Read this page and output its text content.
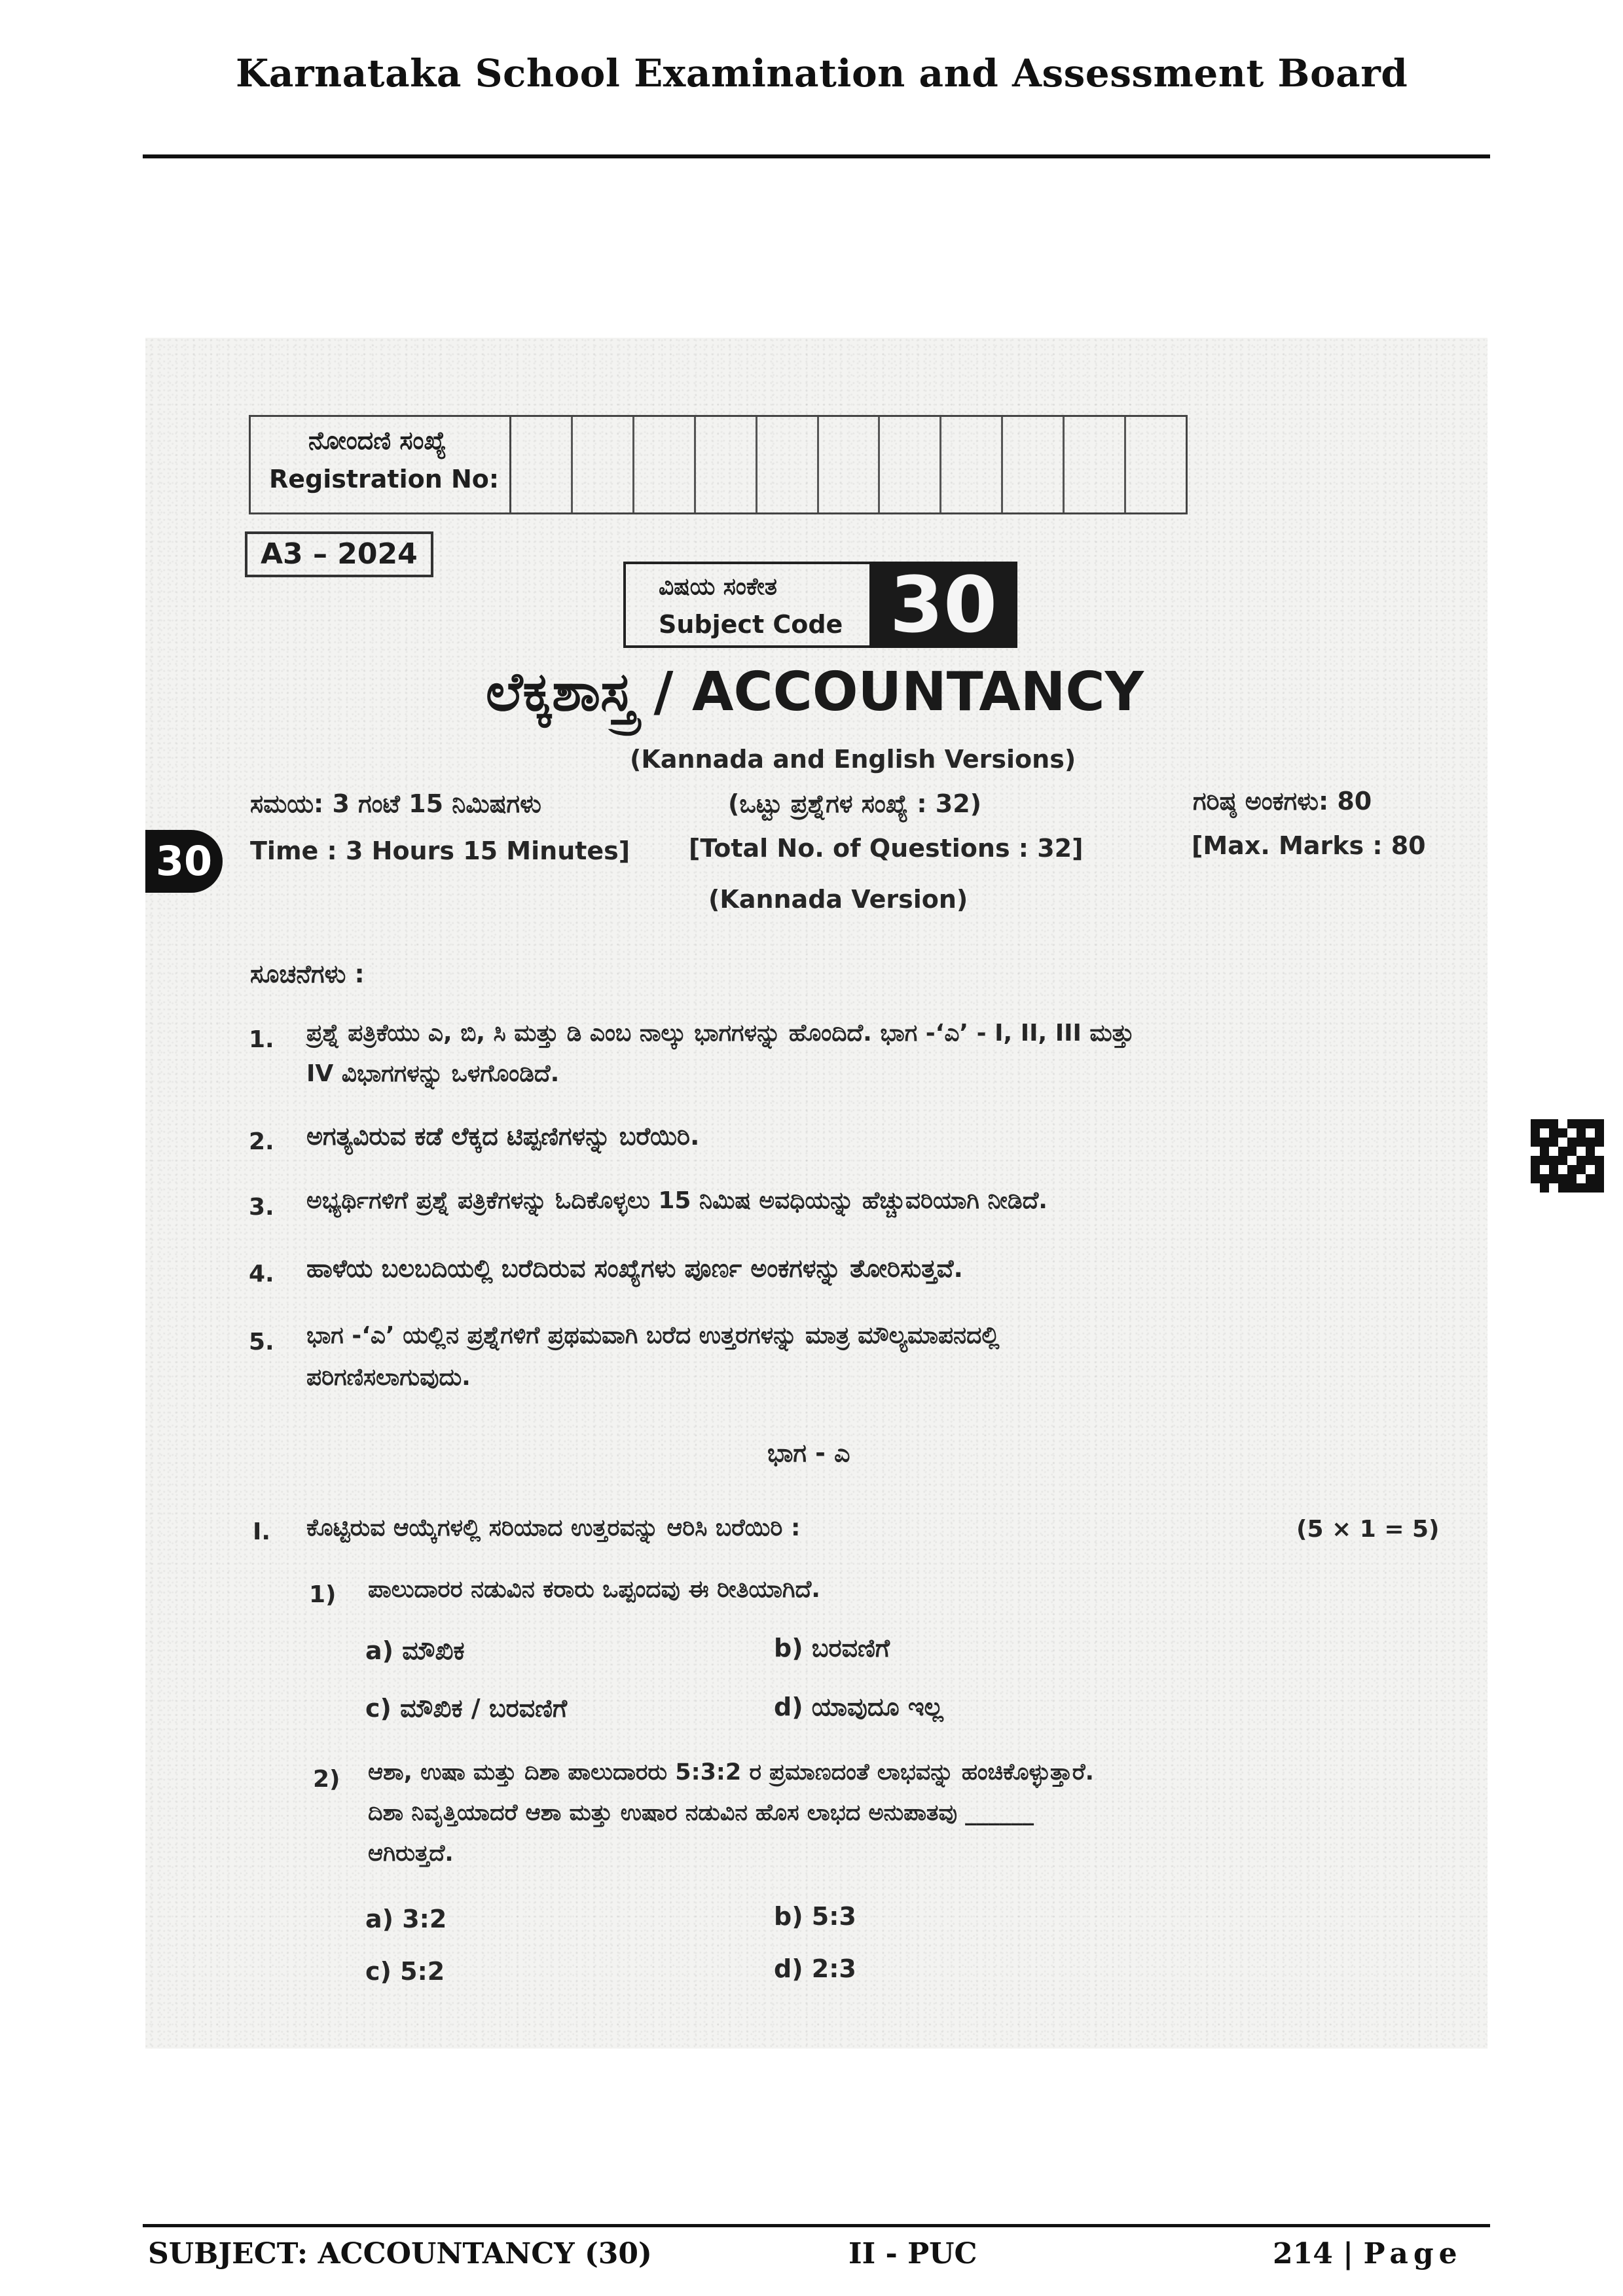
Karnataka School Examination and Assessment Board
ನೋಂದಣಿ ಸಂಖ್ಯೆ
Registration No:
A3 – 2024
ವಿಷಯ ಸಂಕೇತ
Subject Code 30
ಲೆಕ್ಕಶಾಸ್ತ್ರ / ACCOUNTANCY
(Kannada and English Versions)
30
ಸಮಯ: 3 ಗಂಟೆ 15 ನಿಮಿಷಗಳು
Time : 3 Hours 15 Minutes]
(ಒಟ್ಟು ಪ್ರಶ್ನೆಗಳ ಸಂಖ್ಯೆ : 32)
[Total No. of Questions : 32]
ಗರಿಷ್ಠ ಅಂಕಗಳು: 80
[Max. Marks : 80
(Kannada Version)
ಸೂಚನೆಗಳು :
1. ಪ್ರಶ್ನೆ ಪತ್ರಿಕೆಯು ಎ, ಬಿ, ಸಿ ಮತ್ತು ಡಿ ಎಂಬ ನಾಲ್ಕು ಭಾಗಗಳನ್ನು ಹೊಂದಿದೆ. ಭಾಗ -‘ಎ’ - I, II, III ಮತ್ತು
IV ವಿಭಾಗಗಳನ್ನು ಒಳಗೊಂಡಿದೆ.
2. ಅಗತ್ಯವಿರುವ ಕಡೆ ಲೆಕ್ಕದ ಟಿಪ್ಪಣಿಗಳನ್ನು ಬರೆಯಿರಿ.
3. ಅಭ್ಯರ್ಥಿಗಳಿಗೆ ಪ್ರಶ್ನೆ ಪತ್ರಿಕೆಗಳನ್ನು ಓದಿಕೊಳ್ಳಲು 15 ನಿಮಿಷ ಅವಧಿಯನ್ನು ಹೆಚ್ಚುವರಿಯಾಗಿ ನೀಡಿದೆ.
4. ಹಾಳೆಯ ಬಲಬದಿಯಲ್ಲಿ ಬರೆದಿರುವ ಸಂಖ್ಯೆಗಳು ಪೂರ್ಣ ಅಂಕಗಳನ್ನು ತೋರಿಸುತ್ತವೆ.
5. ಭಾಗ -‘ಎ’ ಯಲ್ಲಿನ ಪ್ರಶ್ನೆಗಳಿಗೆ ಪ್ರಥಮವಾಗಿ ಬರೆದ ಉತ್ತರಗಳನ್ನು ಮಾತ್ರ ಮೌಲ್ಯಮಾಪನದಲ್ಲಿ
ಪರಿಗಣಿಸಲಾಗುವುದು.
ಭಾಗ - ಎ
I. ಕೊಟ್ಟಿರುವ ಆಯ್ಕೆಗಳಲ್ಲಿ ಸರಿಯಾದ ಉತ್ತರವನ್ನು ಆರಿಸಿ ಬರೆಯಿರಿ :	(5 × 1 = 5)
1) ಪಾಲುದಾರರ ನಡುವಿನ ಕರಾರು ಒಪ್ಪಂದವು ಈ ರೀತಿಯಾಗಿದೆ.
a) ಮೌಖಿಕ	b) ಬರವಣಿಗೆ
c) ಮೌಖಿಕ / ಬರವಣಿಗೆ	d) ಯಾವುದೂ ಇಲ್ಲ
2) ಆಶಾ, ಉಷಾ ಮತ್ತು ದಿಶಾ ಪಾಲುದಾರರು 5:3:2 ರ ಪ್ರಮಾಣದಂತೆ ಲಾಭವನ್ನು ಹಂಚಿಕೊಳ್ಳುತ್ತಾರೆ.
ದಿಶಾ ನಿವೃತ್ತಿಯಾದರೆ ಆಶಾ ಮತ್ತು ಉಷಾರ ನಡುವಿನ ಹೊಸ ಲಾಭದ ಅನುಪಾತವು ______
ಆಗಿರುತ್ತದೆ.
a) 3:2	b) 5:3
c) 5:2	d) 2:3
SUBJECT: ACCOUNTANCY (30)	II - PUC	214 | Page
